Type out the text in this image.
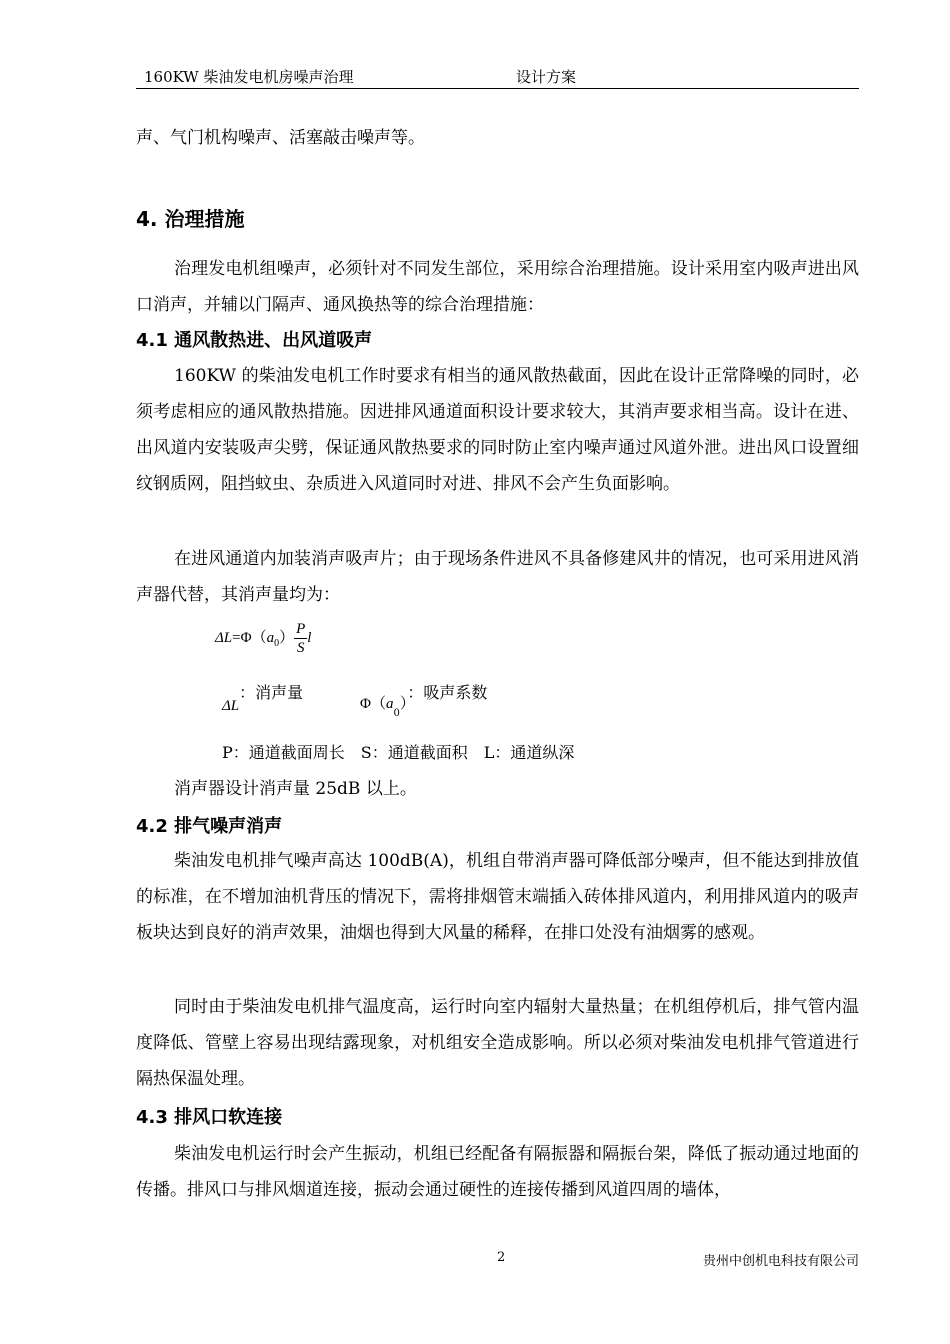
160KW 柴油发电机房噪声治理	设计方案
声、气门机构噪声、活塞敲击噪声等。
4. 治理措施
治理发电机组噪声，必须针对不同发生部位，采用综合治理措施。设计采用室内吸声进出风口消声，并辅以门隔声、通风换热等的综合治理措施：
4.1 通风散热进、出风道吸声
160KW 的柴油发电机工作时要求有相当的通风散热截面，因此在设计正常降噪的同时，必须考虑相应的通风散热措施。因进排风通道面积设计要求较大，其消声要求相当高。设计在进、出风道内安装吸声尖劈，保证通风散热要求的同时防止室内噪声通过风道外泄。进出风口设置细纹钢质网，阻挡蚊虫、杂质进入风道同时对进、排风不会产生负面影响。
在进风通道内加装消声吸声片；由于现场条件进风不具备修建风井的情况，也可采用进风消声器代替，其消声量均为：
$\Delta L=\Phi(a_0) \frac{P}{S}$ l
ΔL：消声量
$\Phi(a_0)$：吸声系数
P：通道截面周长　S：通道截面积　L：通道纵深
消声器设计消声量 25dB 以上。
4.2 排气噪声消声
柴油发电机排气噪声高达 100dB(A)，机组自带消声器可降低部分噪声，但不能达到排放值的标准，在不增加油机背压的情况下，需将排烟管末端插入砖体排风道内，利用排风道内的吸声板块达到良好的消声效果，油烟也得到大风量的稀释，在排口处没有油烟雾的感观。
同时由于柴油发电机排气温度高，运行时向室内辐射大量热量；在机组停机后，排气管内温度降低、管壁上容易出现结露现象，对机组安全造成影响。所以必须对柴油发电机排气管道进行隔热保温处理。
4.3 排风口软连接
柴油发电机运行时会产生振动，机组已经配备有隔振器和隔振台架，降低了振动通过地面的传播。排风口与排风烟道连接，振动会通过硬性的连接传播到风道四周的墙体，
2	贵州中创机电科技有限公司
